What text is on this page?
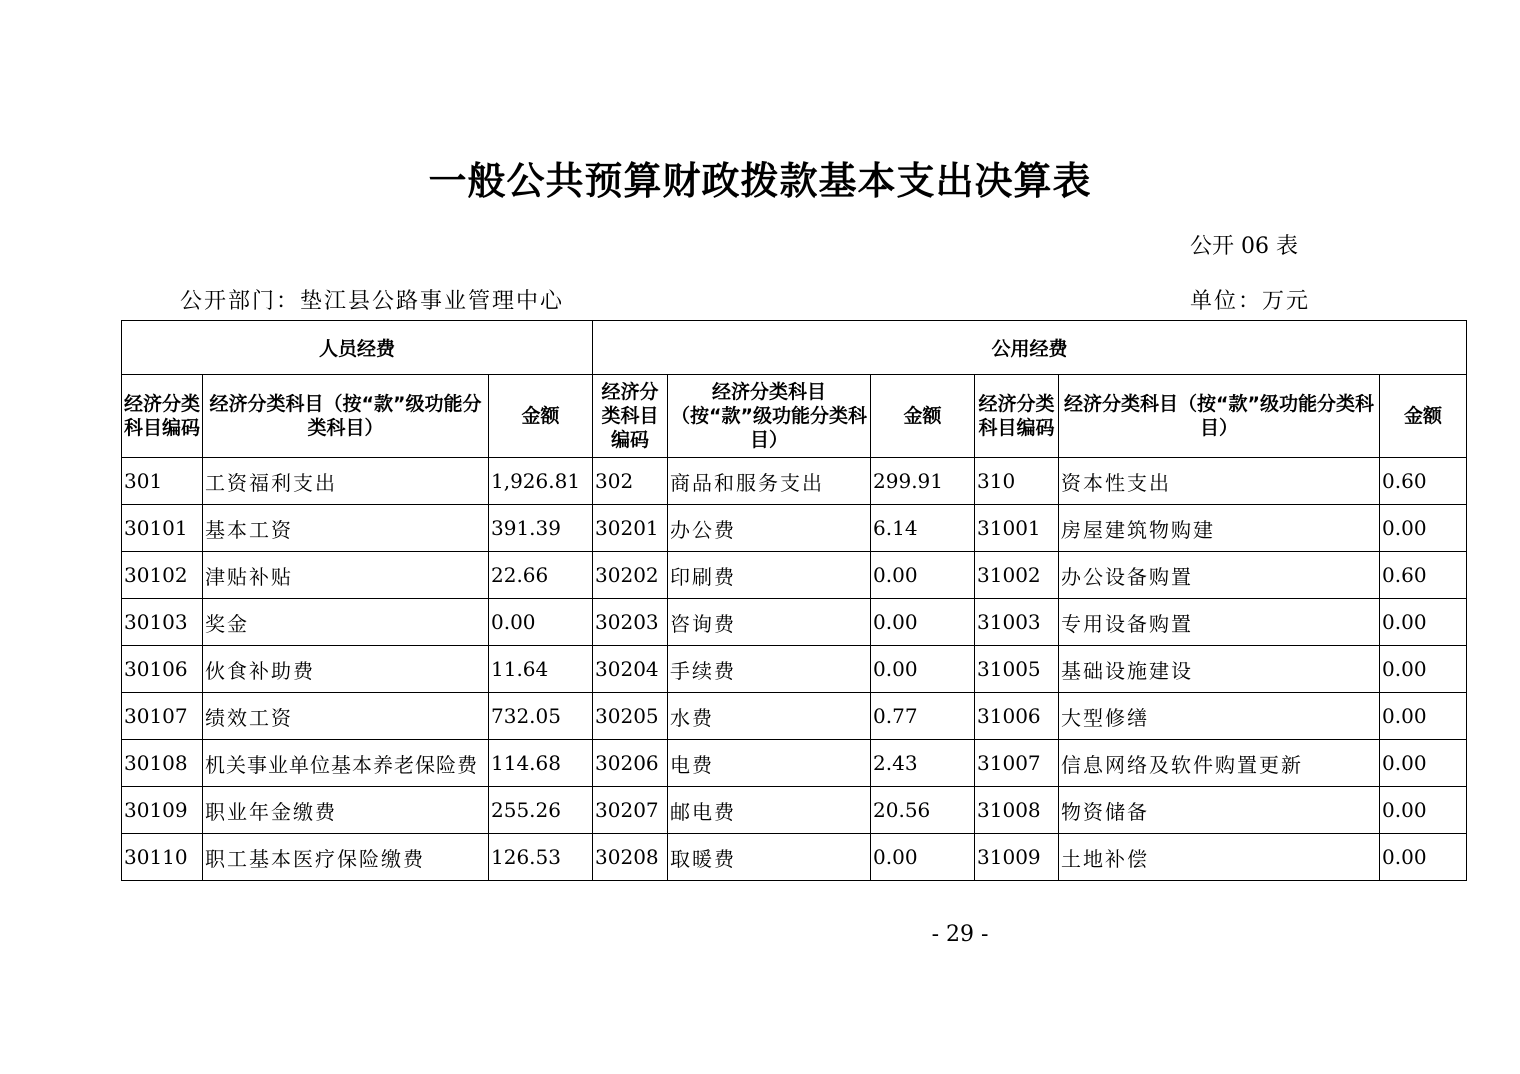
一般公共预算财政拨款基本支出决算表
公开 06 表
公开部门：垫江县公路事业管理中心	单位：万元
人员经费			公用经费					
经济分类科目编码	经济分类科目（按“款”级功能分类科目）	金额	经济分类科目编码	经济分类科目（按“款”级功能分类科目）	金额	经济分类科目编码	经济分类科目（按“款”级功能分类科目）	金额
301	工资福利支出	1,926.81	302	商品和服务支出	299.91	310	资本性支出	0.60
30101	基本工资	391.39	30201	办公费	6.14	31001	房屋建筑物购建	0.00
30102	津贴补贴	22.66	30202	印刷费	0.00	31002	办公设备购置	0.60
30103	奖金	0.00	30203	咨询费	0.00	31003	专用设备购置	0.00
30106	伙食补助费	11.64	30204	手续费	0.00	31005	基础设施建设	0.00
30107	绩效工资	732.05	30205	水费	0.77	31006	大型修缮	0.00
30108	机关事业单位基本养老保险费	114.68	30206	电费	2.43	31007	信息网络及软件购置更新	0.00
30109	职业年金缴费	255.26	30207	邮电费	20.56	31008	物资储备	0.00
30110	职工基本医疗保险缴费	126.53	30208	取暖费	0.00	31009	土地补偿	0.00
- 29 -
